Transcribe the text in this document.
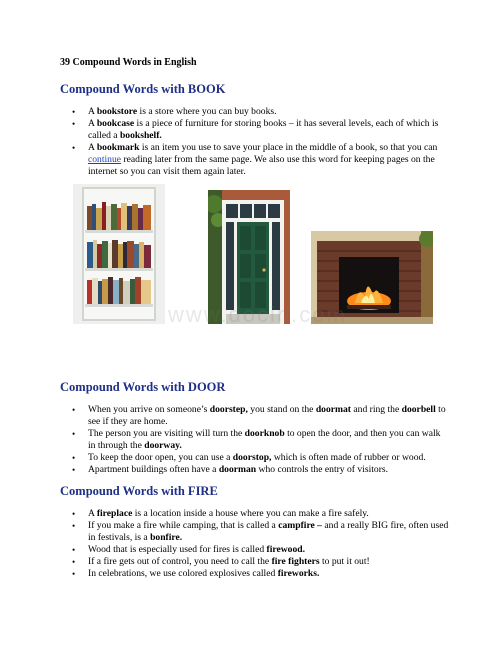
39 Compound Words in English
Compound Words with BOOK
• A bookstore is a store where you can buy books.
• A bookcase is a piece of furniture for storing books – it has several levels, each of which is called a bookshelf.
• A bookmark is an item you use to save your place in the middle of a book, so that you can continue reading later from the same page. We also use this word for keeping pages on the internet so you can visit them again later.
www.docin.com
Compound Words with DOOR
• When you arrive on someone’s doorstep, you stand on the doormat and ring the doorbell to see if they are home.
• The person you are visiting will turn the doorknob to open the door, and then you can walk in through the doorway.
• To keep the door open, you can use a doorstop, which is often made of rubber or wood.
• Apartment buildings often have a doorman who controls the entry of visitors.
Compound Words with FIRE
• A fireplace is a location inside a house where you can make a fire safely.
• If you make a fire while camping, that is called a campfire – and a really BIG fire, often used in festivals, is a bonfire.
• Wood that is especially used for fires is called firewood.
• If a fire gets out of control, you need to call the fire fighters to put it out!
• In celebrations, we use colored explosives called fireworks.
